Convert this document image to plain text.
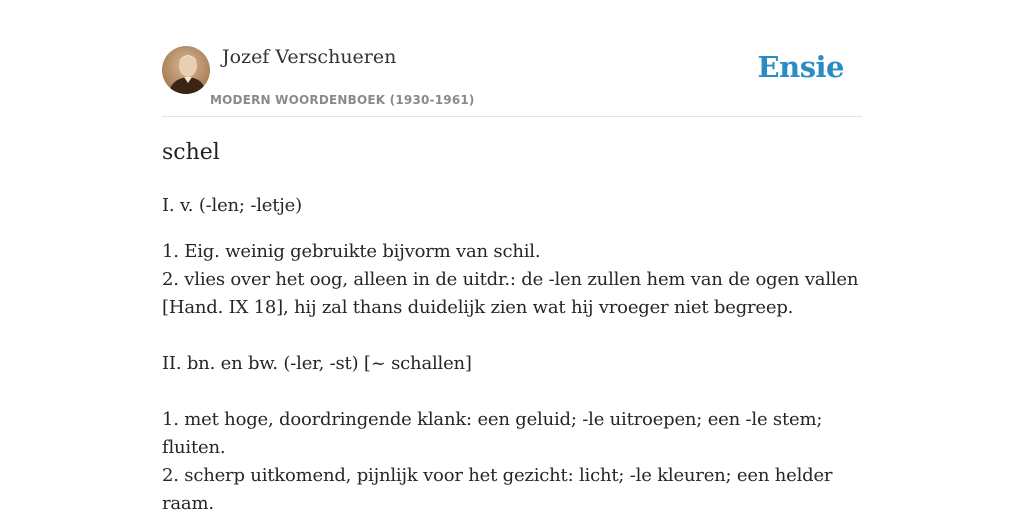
Jozef Verschueren
MODERN WOORDENBOEK (1930-1961)
Ensie
schel

I. v. (-len; -letje)

1. Eig. weinig gebruikte bijvorm van schil.

2. vlies over het oog, alleen in de uitdr.: de -len zullen hem van de ogen vallen

[Hand. IX 18], hij zal thans duidelijk zien wat hij vroeger niet begreep.

II. bn. en bw. (-ler, -st) [~ schallen]

1. met hoge, doordringende klank: een geluid; -le uitroepen; een -le stem;

fluiten.

2. scherp uitkomend, pijnlijk voor het gezicht: licht; -le kleuren; een helder raam.
